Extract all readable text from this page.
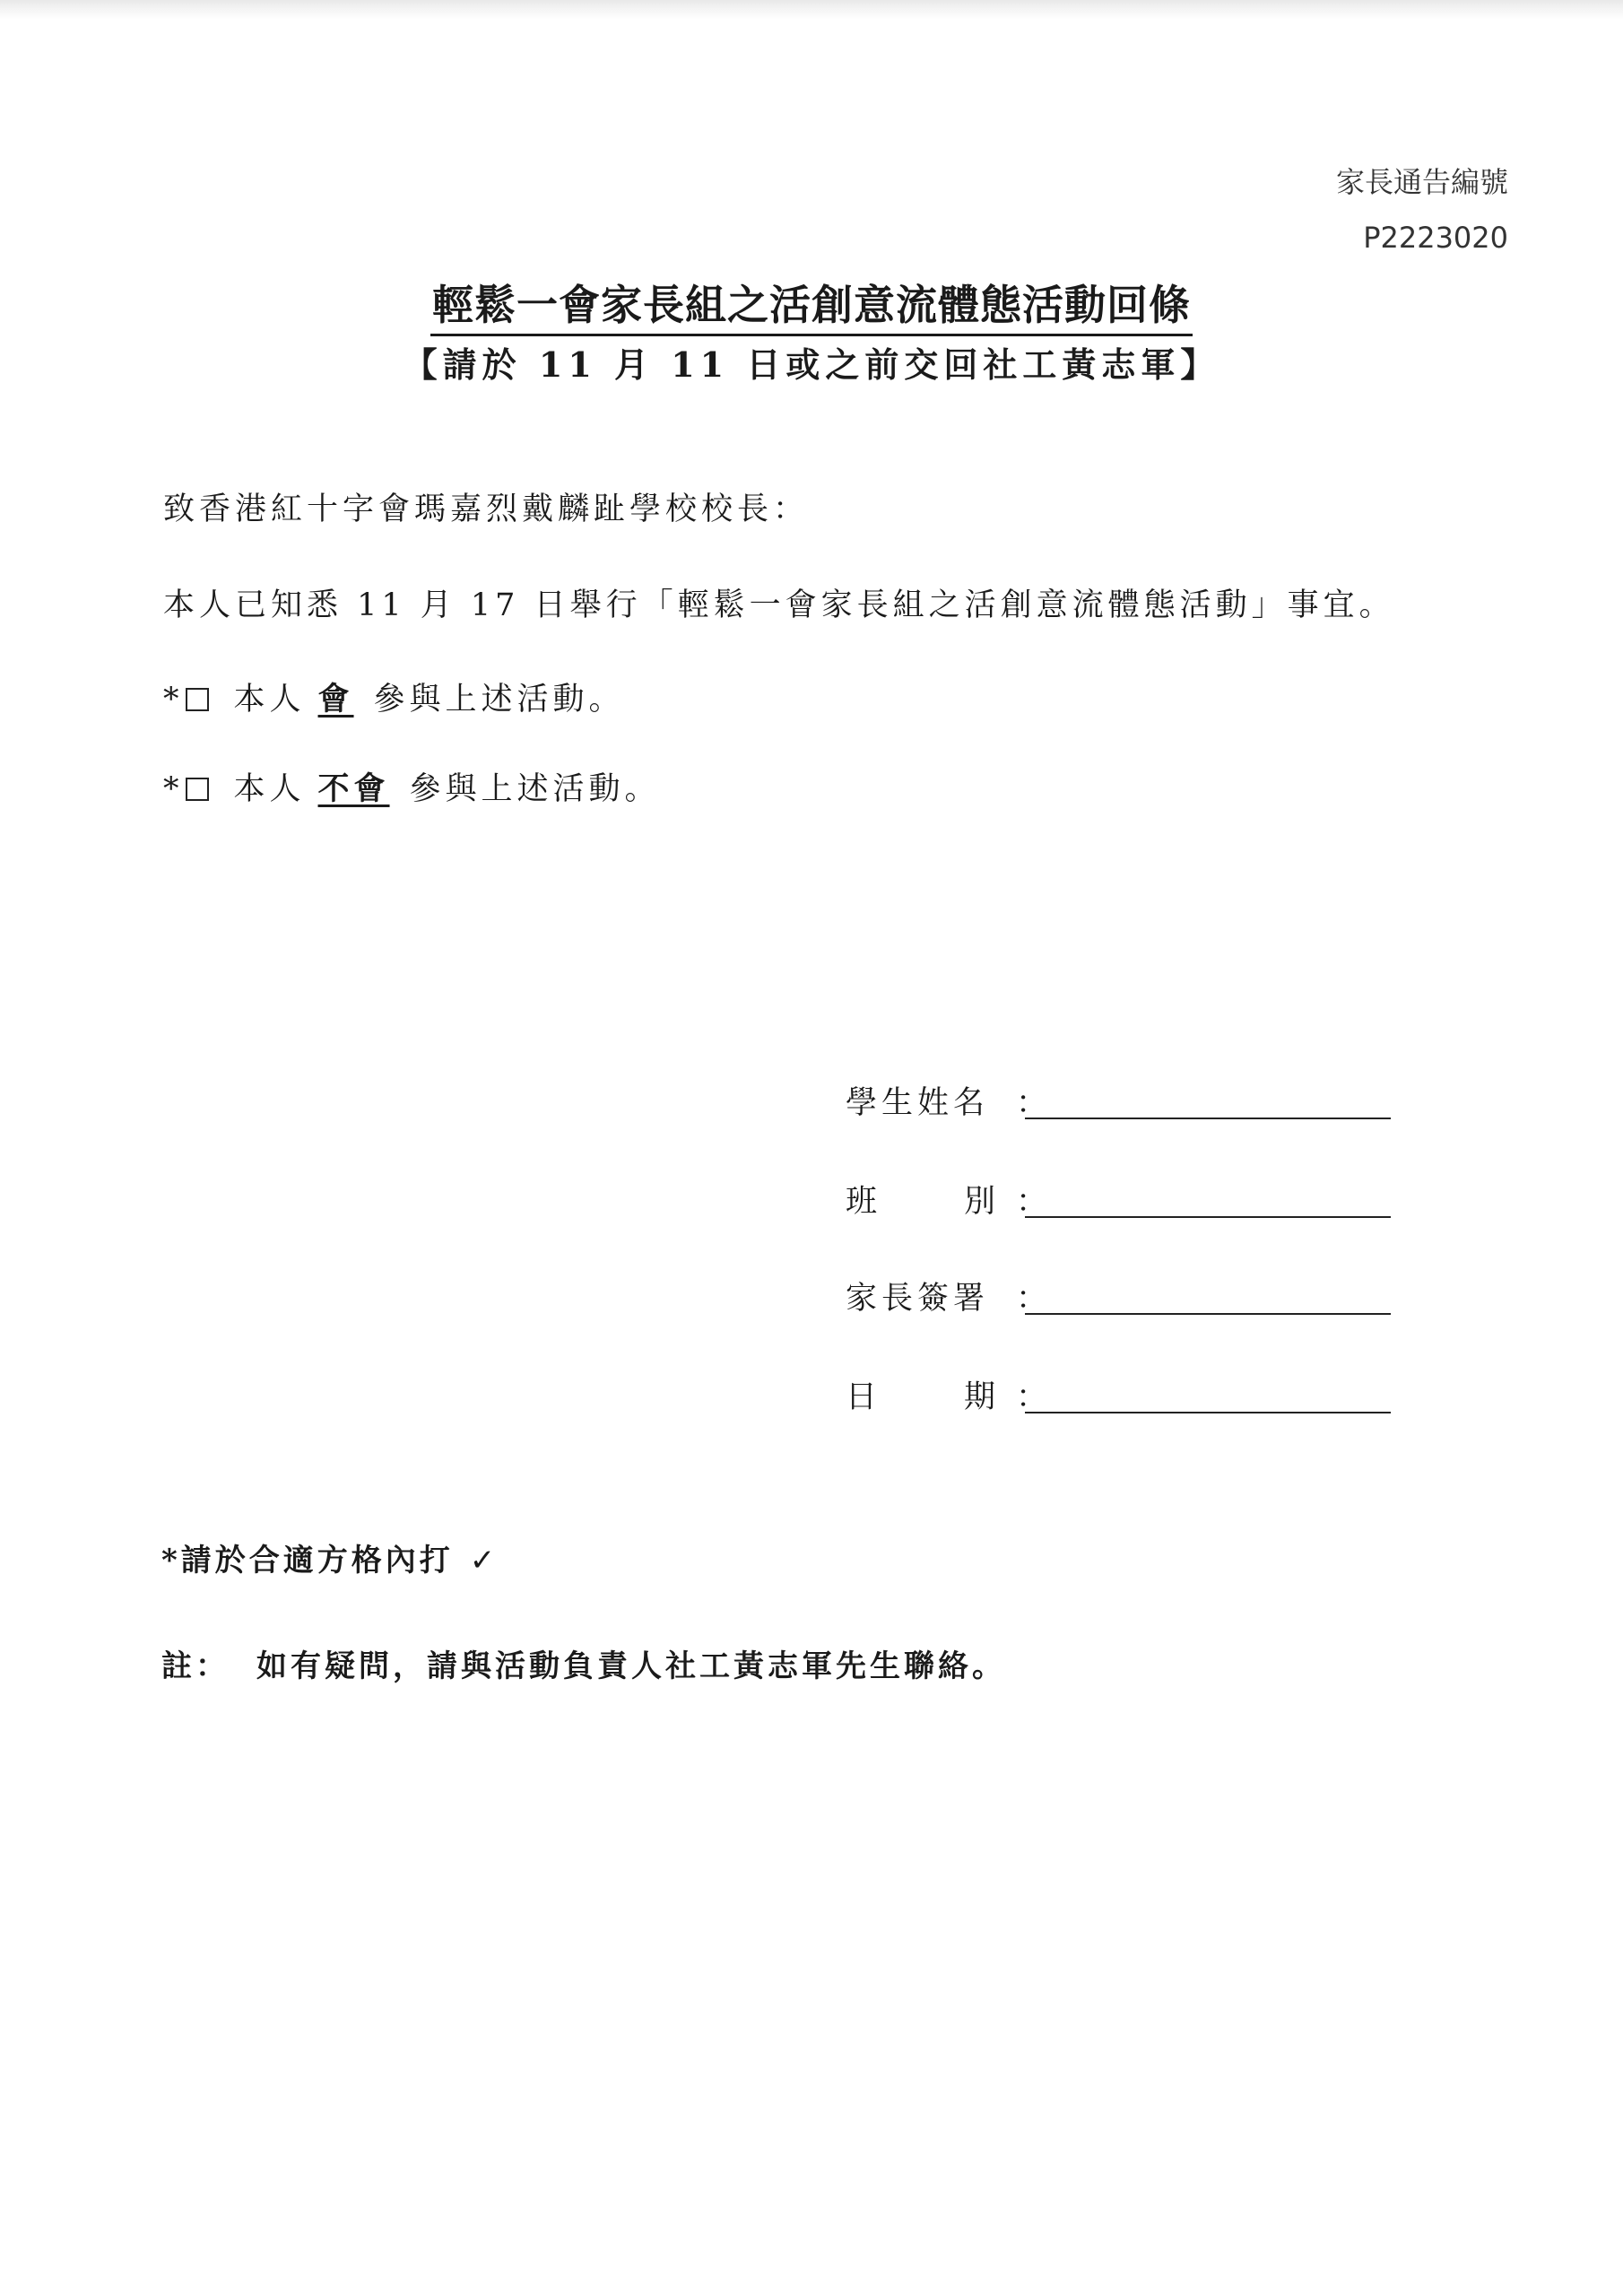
家長通告編號
P2223020
輕鬆一會家長組之活創意流體態活動回條
【請於 11 月 11 日或之前交回社工黃志軍】
致香港紅十字會瑪嘉烈戴麟趾學校校長：
本人已知悉 11 月 17 日舉行「輕鬆一會家長組之活創意流體態活動」事宜。
* 本人 會 參與上述活動。
* 本人 不會 參與上述活動。
學生姓名 ：
班	別 ：
家長簽署 ：
日	期 ：
*請於合適方格內打 ✓
註： 如有疑問，請與活動負責人社工黃志軍先生聯絡。
